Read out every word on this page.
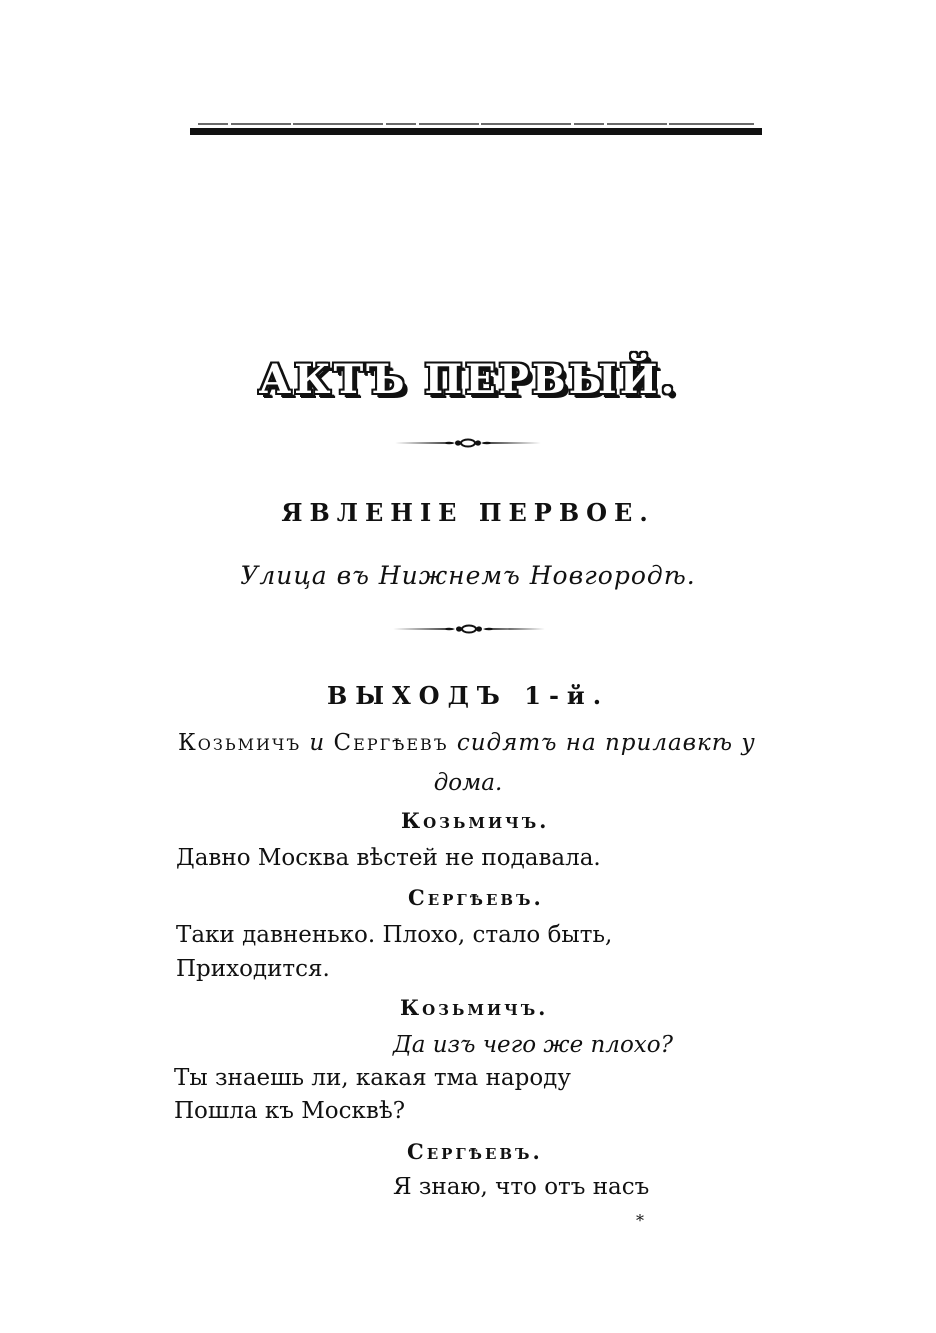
АКТЪ ПЕРВЫЙ.
ЯВЛЕНІЕ ПЕРВОЕ.
Улица въ Нижнемъ Новгородѣ.
ВЫХОДЪ 1-й.
Козьмичъ и Сергѣевъ сидятъ на прилавкѣ у
дома.
Козьмичъ.
Давно Москва вѣстей не подавала.
Сергѣевъ.
Таки давненько. Плохо, стало быть,
Приходится.
Козьмичъ.
Да изъ чего же плохо?
Ты знаешь ли, какая тма народу
Пошла къ Москвѣ?
Сергѣевъ.
Я знаю, что отъ насъ
*
